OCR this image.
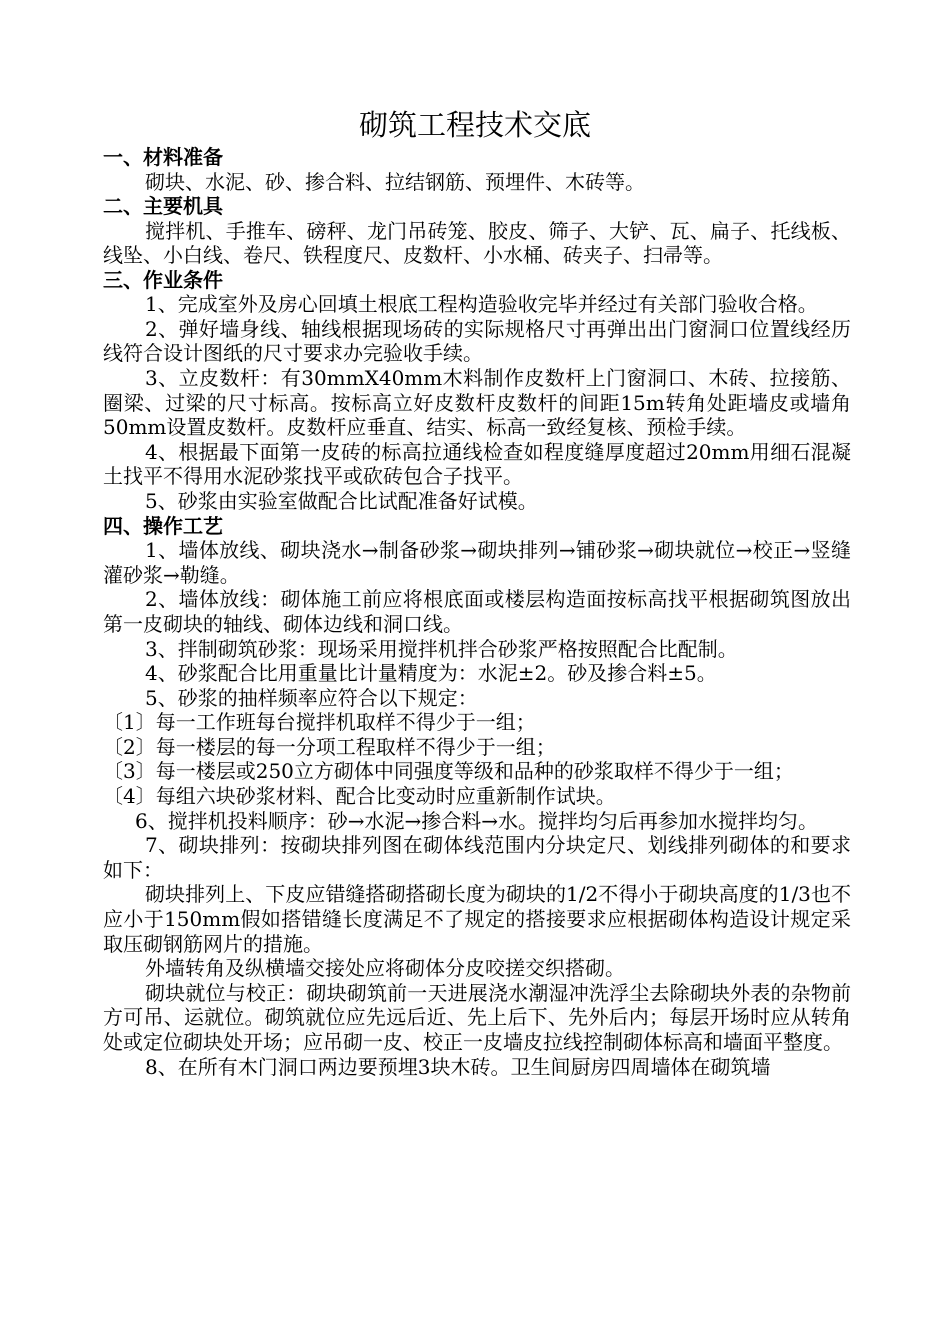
砌筑工程技术交底

一、材料准备

砌块、水泥、砂、掺合料、拉结钢筋、预埋件、木砖等。

二、主要机具

搅拌机、手推车、磅秤、龙门吊砖笼、胶皮、筛子、大铲、瓦、扁子、托线板、线坠、小白线、卷尺、铁程度尺、皮数杆、小水桶、砖夹子、扫帚等。

三、作业条件

1、完成室外及房心回填土根底工程构造验收完毕并经过有关部门验收合格。

2、弹好墙身线、轴线根据现场砖的实际规格尺寸再弹出出门窗洞口位置线经历线符合设计图纸的尺寸要求办完验收手续。

3、立皮数杆：有30mmX40mm木料制作皮数杆上门窗洞口、木砖、拉接筋、圈梁、过梁的尺寸标高。按标高立好皮数杆皮数杆的间距15m转角处距墙皮或墙角50mm设置皮数杆。皮数杆应垂直、结实、标高一致经复核、预检手续。

4、根据最下面第一皮砖的标高拉通线检查如程度缝厚度超过20mm用细石混凝土找平不得用水泥砂浆找平或砍砖包合子找平。

5、砂浆由实验室做配合比试配准备好试模。

四、操作工艺

1、墙体放线、砌块浇水→制备砂浆→砌块排列→铺砂浆→砌块就位→校正→竖缝灌砂浆→勒缝。

2、墙体放线：砌体施工前应将根底面或楼层构造面按标高找平根据砌筑图放出第一皮砌块的轴线、砌体边线和洞口线。

3、拌制砌筑砂浆：现场采用搅拌机拌合砂浆严格按照配合比配制。

4、砂浆配合比用重量比计量精度为：水泥±2。砂及掺合料±5。

5、砂浆的抽样频率应符合以下规定：

〔1〕每一工作班每台搅拌机取样不得少于一组；

〔2〕每一楼层的每一分项工程取样不得少于一组；

〔3〕每一楼层或250立方砌体中同强度等级和品种的砂浆取样不得少于一组；

〔4〕每组六块砂浆材料、配合比变动时应重新制作试块。

6、搅拌机投料顺序：砂→水泥→掺合料→水。搅拌均匀后再参加水搅拌均匀。

7、砌块排列：按砌块排列图在砌体线范围内分块定尺、划线排列砌体的和要求如下：

砌块排列上、下皮应错缝搭砌搭砌长度为砌块的1/2不得小于砌块高度的1/3也不应小于150mm假如搭错缝长度满足不了规定的搭接要求应根据砌体构造设计规定采取压砌钢筋网片的措施。

外墙转角及纵横墙交接处应将砌体分皮咬搓交织搭砌。

砌块就位与校正：砌块砌筑前一天进展浇水潮湿冲洗浮尘去除砌块外表的杂物前方可吊、运就位。砌筑就位应先远后近、先上后下、先外后内；每层开场时应从转角处或定位砌块处开场；应吊砌一皮、校正一皮墙皮拉线控制砌体标高和墙面平整度。

8、在所有木门洞口两边要预埋3块木砖。卫生间厨房四周墙体在砌筑墙
